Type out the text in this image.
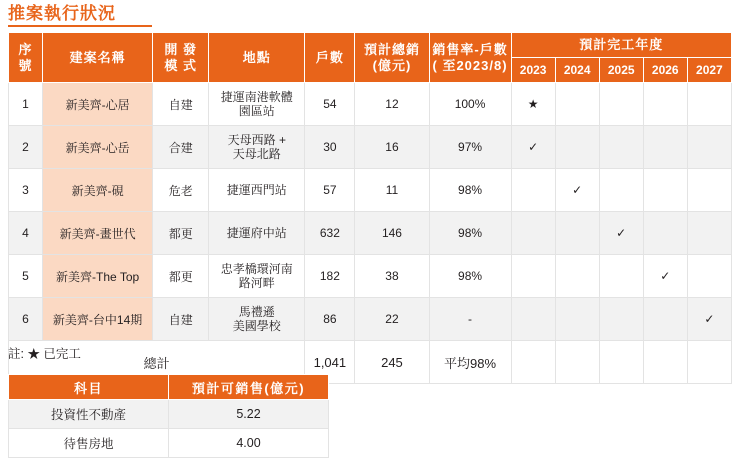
推案執行狀況
序
號	建案名稱	開 發
模 式	地點	戶數	預計總銷
(億元)	銷售率-戶數
( 至2023/8)	預計完工年度				
							2023	2024	2025	2026	2027
1	新美齊-心居	自建	捷運南港軟體
園區站	54	12	100%	★				
2	新美齊-心岳	合建	天母西路 +
天母北路	30	16	97%	✓				
3	新美齊-硯	危老	捷運西門站	57	11	98%		✓			
4	新美齊-畫世代	都更	捷運府中站	632	146	98%			✓		
5	新美齊-The Top	都更	忠孝橋環河南
路河畔	182	38	98%				✓	
6	新美齊-台中14期	自建	馬禮遜
美國學校	86	22	-					✓
總計				1,041	245	平均98%					
註: ★ 已完工
科目	預計可銷售(億元)
投資性不動產	5.22
待售房地	4.00
